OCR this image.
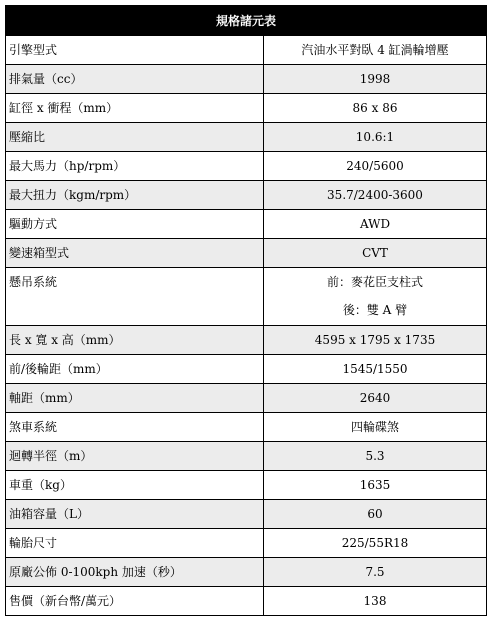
規格諸元表	
引擎型式	汽油水平對臥 4 缸渦輪增壓
排氣量（cc）	1998
缸徑 x 衝程（mm）	86 x 86
壓縮比	10.6:1
最大馬力（hp/rpm）	240/5600
最大扭力（kgm/rpm）	35.7/2400-3600
驅動方式	AWD
變速箱型式	CVT
懸吊系統	前：麥花臣支柱式
後：雙 A 臂

長 x 寬 x 高（mm）	4595 x 1795 x 1735
前/後輪距（mm）	1545/1550
軸距（mm）	2640
煞車系統	四輪碟煞
迴轉半徑（m）	5.3
車重（kg）	1635
油箱容量（L）	60
輪胎尺寸	225/55R18
原廠公佈 0-100kph 加速（秒）	7.5
售價（新台幣/萬元）	138
